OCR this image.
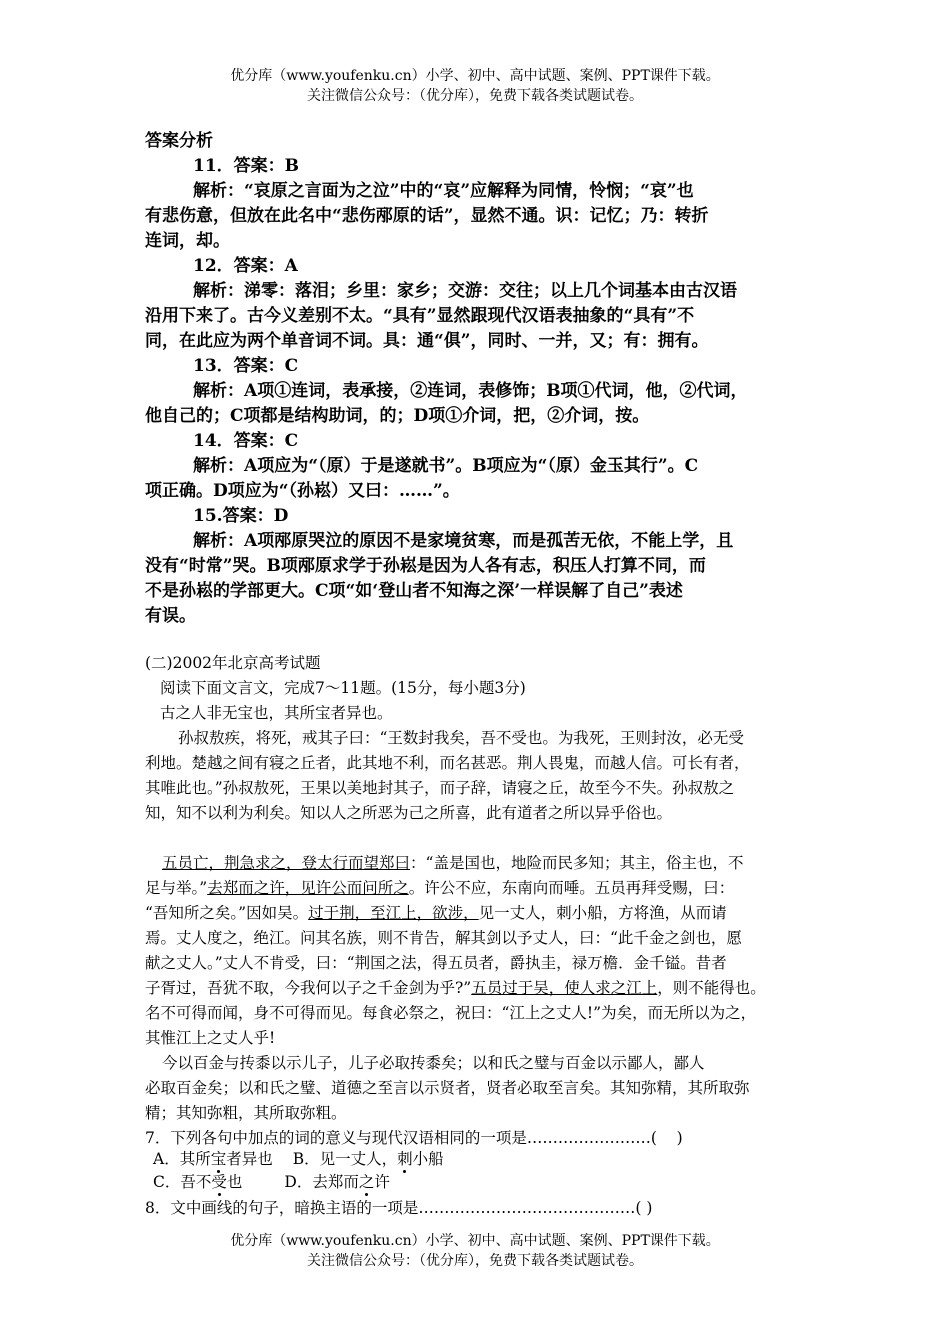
优分库（www.youfenku.cn）小学、初中、高中试题、案例、PPT课件下载。
关注微信公众号：（优分库），免费下载各类试题试卷。
答案分析
11．答案：B
解析：“哀原之言面为之泣”中的“哀”应解释为同情，怜悯；“哀”也
有悲伤意，但放在此名中“悲伤邴原的话”，显然不通。识：记忆；乃：转折
连词，却。
12．答案：A
解析：涕零：落泪；乡里：家乡；交游：交往；以上几个词基本由古汉语
沿用下来了。古今义差别不太。“具有”显然跟现代汉语表抽象的“具有”不
同，在此应为两个单音词不词。具：通“俱”，同时、一并，又；有：拥有。
13．答案：C
解析：A项①连词，表承接，②连词，表修饰；B项①代词，他，②代词，
他自己的；C项都是结构助词，的；D项①介词，把，②介词，按。
14．答案：C
解析：A项应为“（原）于是遂就书”。B项应为“（原）金玉其行”。C
项正确。D项应为“（孙崧）又曰：……”。
15.答案：D
解析：A项邴原哭泣的原因不是家境贫寒，而是孤苦无依，不能上学，且
没有“时常”哭。B项邴原求学于孙崧是因为人各有志，积压人打算不同，而
不是孙崧的学部更大。C项“如‘登山者不知海之深’一样误解了自己”表述
有误。
(二)2002年北京高考试题
阅读下面文言文，完成7～11题。(15分，每小题3分)
古之人非无宝也，其所宝者异也。
孙叔敖疾，将死，戒其子曰：“王数封我矣，吾不受也。为我死，王则封汝，必无受
利地。楚越之间有寝之丘者，此其地不利，而名甚恶。荆人畏鬼，而越人信。可长有者，
其唯此也。”孙叔敖死，王果以美地封其子，而子辞，请寝之丘，故至今不失。孙叔敖之
知，知不以利为利矣。知以人之所恶为己之所喜，此有道者之所以异乎俗也。
五员亡，荆急求之，登太行而望郑曰：“盖是国也，地险而民多知；其主，俗主也，不
足与举。”去郑而之许，见许公而问所之。许公不应，东南向而唾。五员再拜受赐，曰：
“吾知所之矣。”因如吴。过于荆，至江上，欲涉，见一丈人，刺小船，方将渔，从而请
焉。丈人度之，绝江。问其名族，则不肯告，解其剑以予丈人，曰：“此千金之剑也，愿
献之丈人。”丈人不肯受，曰：“荆国之法，得五员者，爵执圭，禄万檐．金千镒。昔者
子胥过，吾犹不取，今我何以子之千金剑为乎?”五员过于吴，使人求之江上，则不能得也。
名不可得而闻，身不可得而见。每食必祭之，祝曰：“江上之丈人!”为矣，而无所以为之，
其惟江上之丈人乎!
今以百金与抟黍以示儿子，儿子必取抟黍矣；以和氏之璧与百金以示鄙人，鄙人
必取百金矣；以和氏之璧、道德之至言以示贤者，贤者必取至言矣。其知弥精，其所取弥
精；其知弥粗，其所取弥粗。
7．下列各句中加点的词的意义与现代汉语相同的一项是……………………(    )
A．其所宝者异也 B．见一丈人，刺小船
C．吾不受也	D．去郑而之许
8．文中画线的句子，暗换主语的一项是……………………………………( )
优分库（www.youfenku.cn）小学、初中、高中试题、案例、PPT课件下载。
关注微信公众号：（优分库），免费下载各类试题试卷。
